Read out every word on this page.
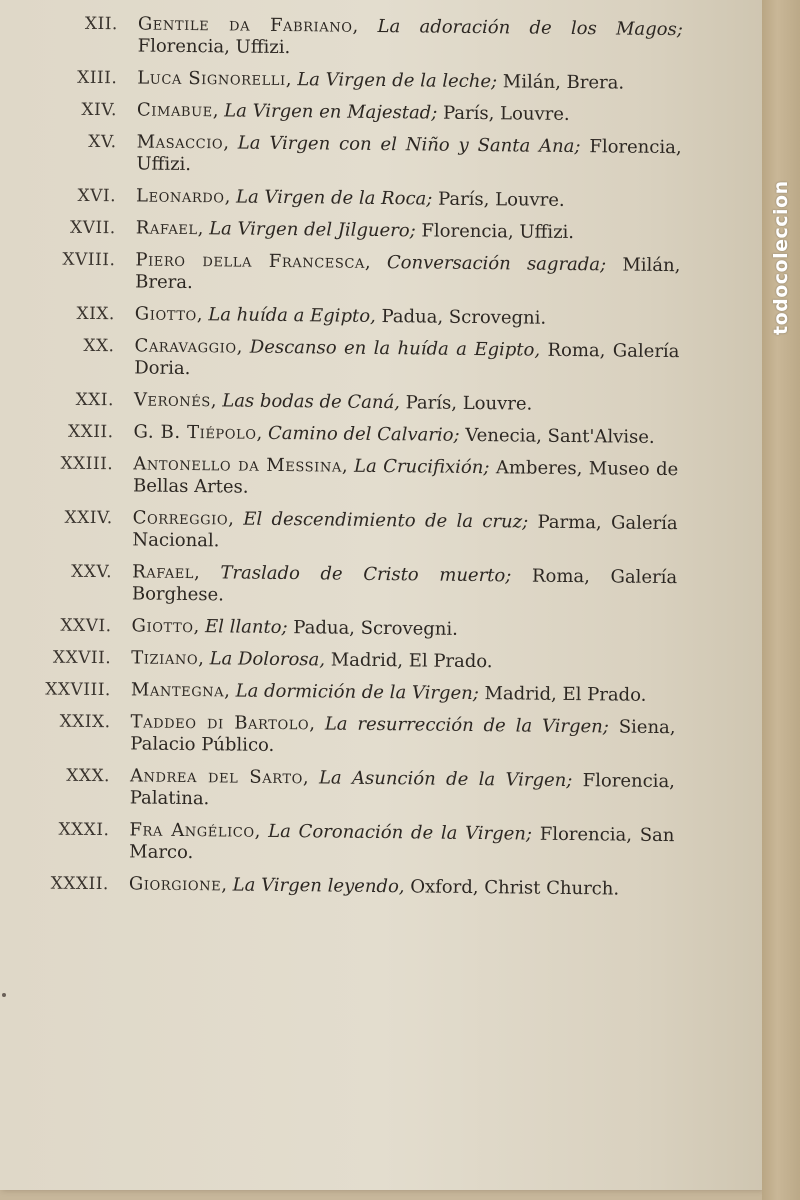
XII.	Gentile da Fabriano, La adoración de los Magos; Florencia, Uffizi.
XIII.	Luca Signorelli, La Virgen de la leche; Milán, Brera.
XIV.	Cimabue, La Virgen en Majestad; París, Louvre.
XV.	Masaccio, La Virgen con el Niño y Santa Ana; Florencia, Uffizi.
XVI.	Leonardo, La Virgen de la Roca; París, Louvre.
XVII.	Rafael, La Virgen del Jilguero; Florencia, Uffizi.
XVIII.	Piero della Francesca, Conversación sagrada; Milán, Brera.
XIX.	Giotto, La huída a Egipto, Padua, Scrovegni.
XX.	Caravaggio, Descanso en la huída a Egipto, Roma, Galería Doria.
XXI.	Veronés, Las bodas de Caná, París, Louvre.
XXII.	G. B. Tiépolo, Camino del Calvario; Venecia, Sant'Alvise.
XXIII.	Antonello da Messina, La Crucifixión; Amberes, Museo de Bellas Artes.
XXIV.	Correggio, El descendimiento de la cruz; Parma, Galería Nacional.
XXV.	Rafael, Traslado de Cristo muerto; Roma, Galería Borghese.
XXVI.	Giotto, El llanto; Padua, Scrovegni.
XXVII.	Tiziano, La Dolorosa, Madrid, El Prado.
XXVIII.	Mantegna, La dormición de la Virgen; Madrid, El Prado.
XXIX.	Taddeo di Bartolo, La resurrección de la Virgen; Siena, Palacio Público.
XXX.	Andrea del Sarto, La Asunción de la Virgen; Florencia, Palatina.
XXXI.	Fra Angélico, La Coronación de la Virgen; Florencia, San Marco.
XXXII.	Giorgione, La Virgen leyendo, Oxford, Christ Church.
todocoleccion
